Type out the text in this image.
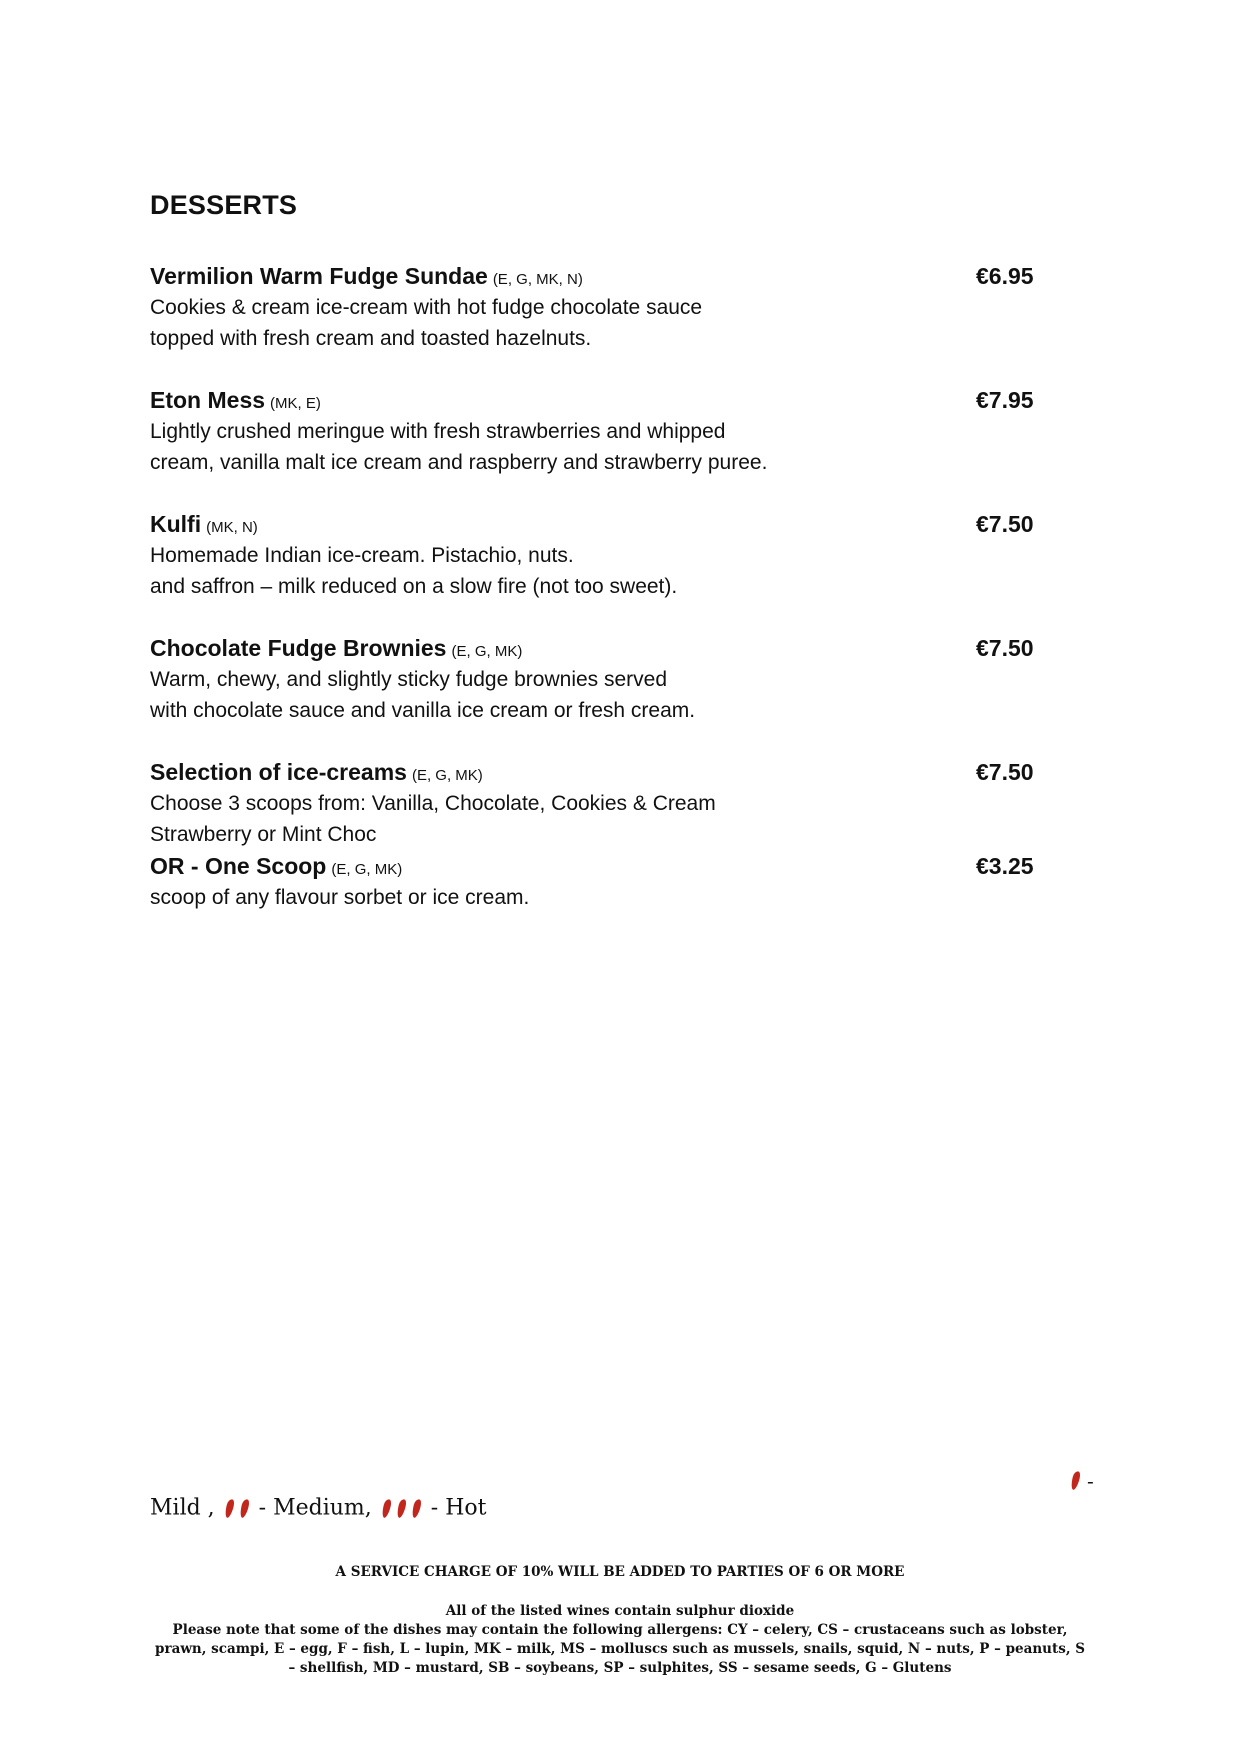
DESSERTS
Vermilion Warm Fudge Sundae (E, G, MK, N)	€6.95
Cookies & cream ice-cream with hot fudge chocolate sauce
topped with fresh cream and toasted hazelnuts.
Eton Mess (MK, E)	€7.95
Lightly crushed meringue with fresh strawberries and whipped
cream, vanilla malt ice cream and raspberry and strawberry puree.
Kulfi (MK, N)	€7.50
Homemade Indian ice-cream. Pistachio, nuts.
and saffron – milk reduced on a slow fire (not too sweet).
Chocolate Fudge Brownies (E, G, MK)	€7.50
Warm, chewy, and slightly sticky fudge brownies served
with chocolate sauce and vanilla ice cream or fresh cream.
Selection of ice-creams (E, G, MK)	€7.50
Choose 3 scoops from: Vanilla, Chocolate, Cookies & Cream
Strawberry or Mint Choc
OR - One Scoop (E, G, MK)	€3.25
scoop of any flavour sorbet or ice cream.
-
Mild , - Medium,	- Hot
A SERVICE CHARGE OF 10% WILL BE ADDED TO PARTIES OF 6 OR MORE
All of the listed wines contain sulphur dioxide
Please note that some of the dishes may contain the following allergens: CY – celery, CS – crustaceans such as lobster, prawn, scampi, E – egg, F – fish, L – lupin, MK – milk, MS – molluscs such as mussels, snails, squid, N – nuts, P – peanuts, S – shellfish, MD – mustard, SB – soybeans, SP – sulphites, SS – sesame seeds, G – Glutens
